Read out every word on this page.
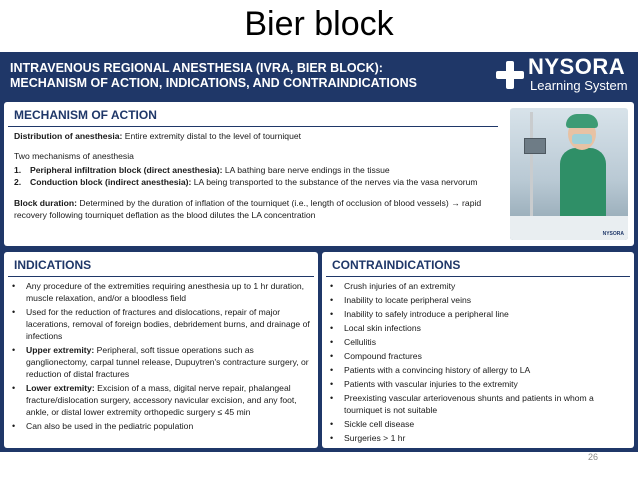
Bier block
INTRAVENOUS REGIONAL ANESTHESIA (IVRA, BIER BLOCK):
MECHANISM OF ACTION, INDICATIONS, AND CONTRAINDICATIONS
NYSORA
Learning System
MECHANISM OF ACTION

Distribution of anesthesia: Entire extremity distal to the level of tourniquet

Two mechanisms of anesthesia

1.	Peripheral infiltration block (direct anesthesia): LA bathing bare nerve endings in the tissue
2.	Conduction block (indirect anesthesia): LA being transported to the substance of the nerves via the vasa nervorum

Block duration: Determined by the duration of inflation of the tourniquet (i.e., length of occlusion of blood vessels) → rapid recovery following tourniquet deflation as the blood dilutes the LA concentration

NYSORA
INDICATIONS
•	Any procedure of the extremities requiring anesthesia up to 1 hr duration, muscle relaxation, and/or a bloodless field
•	Used for the reduction of fractures and dislocations, repair of major lacerations, removal of foreign bodies, debridement burns, and drainage of infections
•	Upper extremity: Peripheral, soft tissue operations such as ganglionectomy, carpal tunnel release, Dupuytren's contracture surgery, or reduction of distal fractures
•	Lower extremity: Excision of a mass, digital nerve repair, phalangeal fracture/dislocation surgery, accessory navicular excision, and any foot, ankle, or distal lower extremity orthopedic surgery ≤ 45 min
•	Can also be used in the pediatric population
CONTRAINDICATIONS
•	Crush injuries of an extremity
•	Inability to locate peripheral veins
•	Inability to safely introduce a peripheral line
•	Local skin infections
•	Cellulitis
•	Compound fractures
•	Patients with a convincing history of allergy to LA
•	Patients with vascular injuries to the extremity
•	Preexisting vascular arteriovenous shunts and patients in whom a tourniquet is not suitable
•	Sickle cell disease
•	Surgeries > 1 hr
26
